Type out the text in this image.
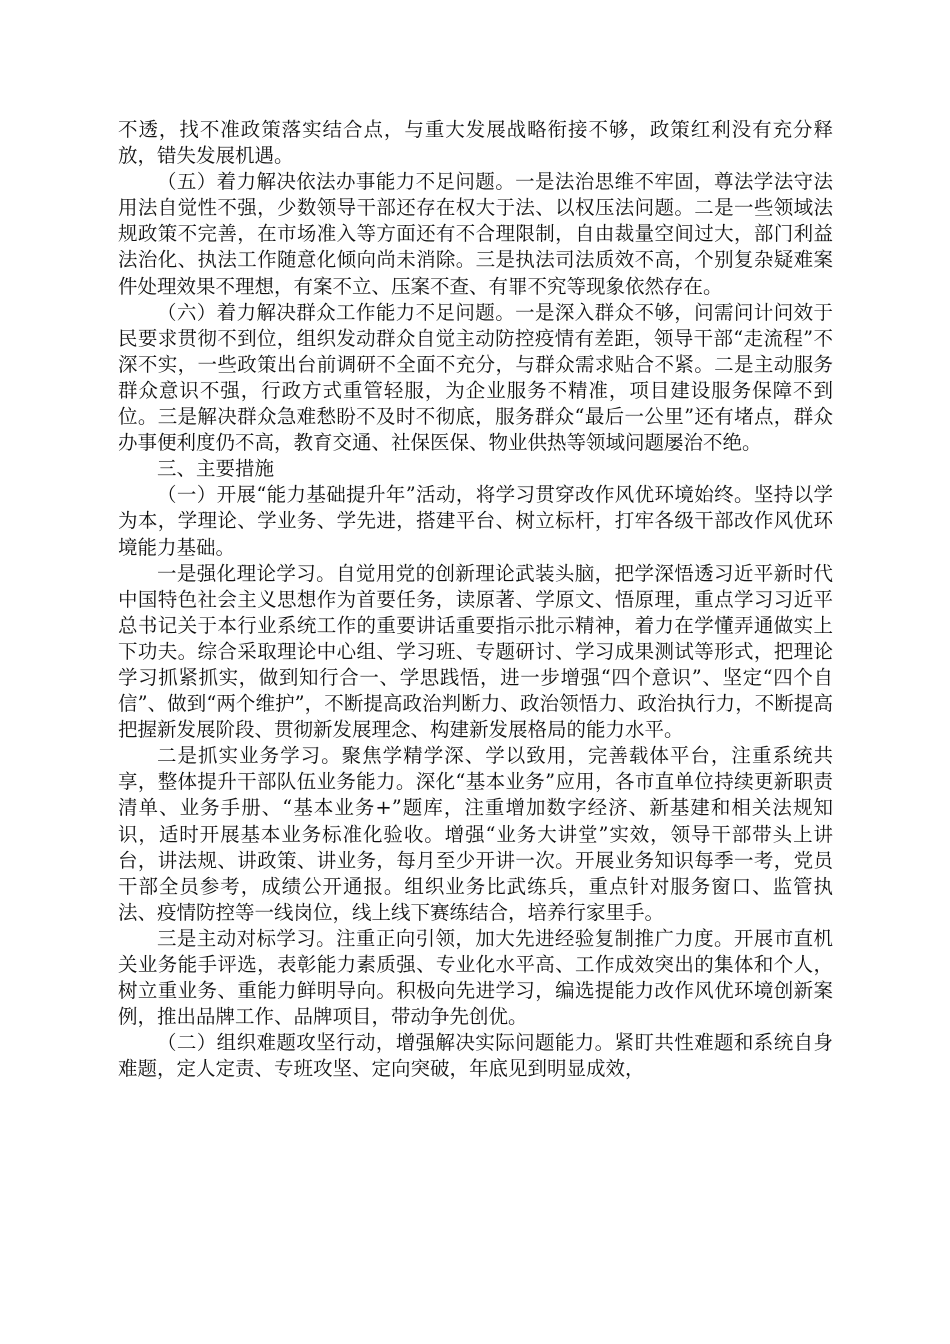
不透，找不准政策落实结合点，与重大发展战略衔接不够，政策红利没有充分释放，错失发展机遇。

（五）着力解决依法办事能力不足问题。一是法治思维不牢固，尊法学法守法用法自觉性不强，少数领导干部还存在权大于法、以权压法问题。二是一些领域法规政策不完善，在市场准入等方面还有不合理限制，自由裁量空间过大，部门利益法治化、执法工作随意化倾向尚未消除。三是执法司法质效不高，个别复杂疑难案件处理效果不理想，有案不立、压案不查、有罪不究等现象依然存在。

（六）着力解决群众工作能力不足问题。一是深入群众不够，问需问计问效于民要求贯彻不到位，组织发动群众自觉主动防控疫情有差距，领导干部“走流程”不深不实，一些政策出台前调研不全面不充分，与群众需求贴合不紧。二是主动服务群众意识不强，行政方式重管轻服，为企业服务不精准，项目建设服务保障不到位。三是解决群众急难愁盼不及时不彻底，服务群众“最后一公里”还有堵点，群众办事便利度仍不高，教育交通、社保医保、物业供热等领域问题屡治不绝。

三、主要措施

（一）开展“能力基础提升年”活动，将学习贯穿改作风优环境始终。坚持以学为本，学理论、学业务、学先进，搭建平台、树立标杆，打牢各级干部改作风优环境能力基础。

一是强化理论学习。自觉用党的创新理论武装头脑，把学深悟透习近平新时代中国特色社会主义思想作为首要任务，读原著、学原文、悟原理，重点学习习近平总书记关于本行业系统工作的重要讲话重要指示批示精神，着力在学懂弄通做实上下功夫。综合采取理论中心组、学习班、专题研讨、学习成果测试等形式，把理论学习抓紧抓实，做到知行合一、学思践悟，进一步增强“四个意识”、坚定“四个自信”、做到“两个维护”，不断提高政治判断力、政治领悟力、政治执行力，不断提高把握新发展阶段、贯彻新发展理念、构建新发展格局的能力水平。

二是抓实业务学习。聚焦学精学深、学以致用，完善载体平台，注重系统共享，整体提升干部队伍业务能力。深化“基本业务”应用，各市直单位持续更新职责清单、业务手册、“基本业务+”题库，注重增加数字经济、新基建和相关法规知识，适时开展基本业务标准化验收。增强“业务大讲堂”实效，领导干部带头上讲台，讲法规、讲政策、讲业务，每月至少开讲一次。开展业务知识每季一考，党员干部全员参考，成绩公开通报。组织业务比武练兵，重点针对服务窗口、监管执法、疫情防控等一线岗位，线上线下赛练结合，培养行家里手。

三是主动对标学习。注重正向引领，加大先进经验复制推广力度。开展市直机关业务能手评选，表彰能力素质强、专业化水平高、工作成效突出的集体和个人，树立重业务、重能力鲜明导向。积极向先进学习，编选提能力改作风优环境创新案例，推出品牌工作、品牌项目，带动争先创优。

（二）组织难题攻坚行动，增强解决实际问题能力。紧盯共性难题和系统自身难题，定人定责、专班攻坚、定向突破，年底见到明显成效，
